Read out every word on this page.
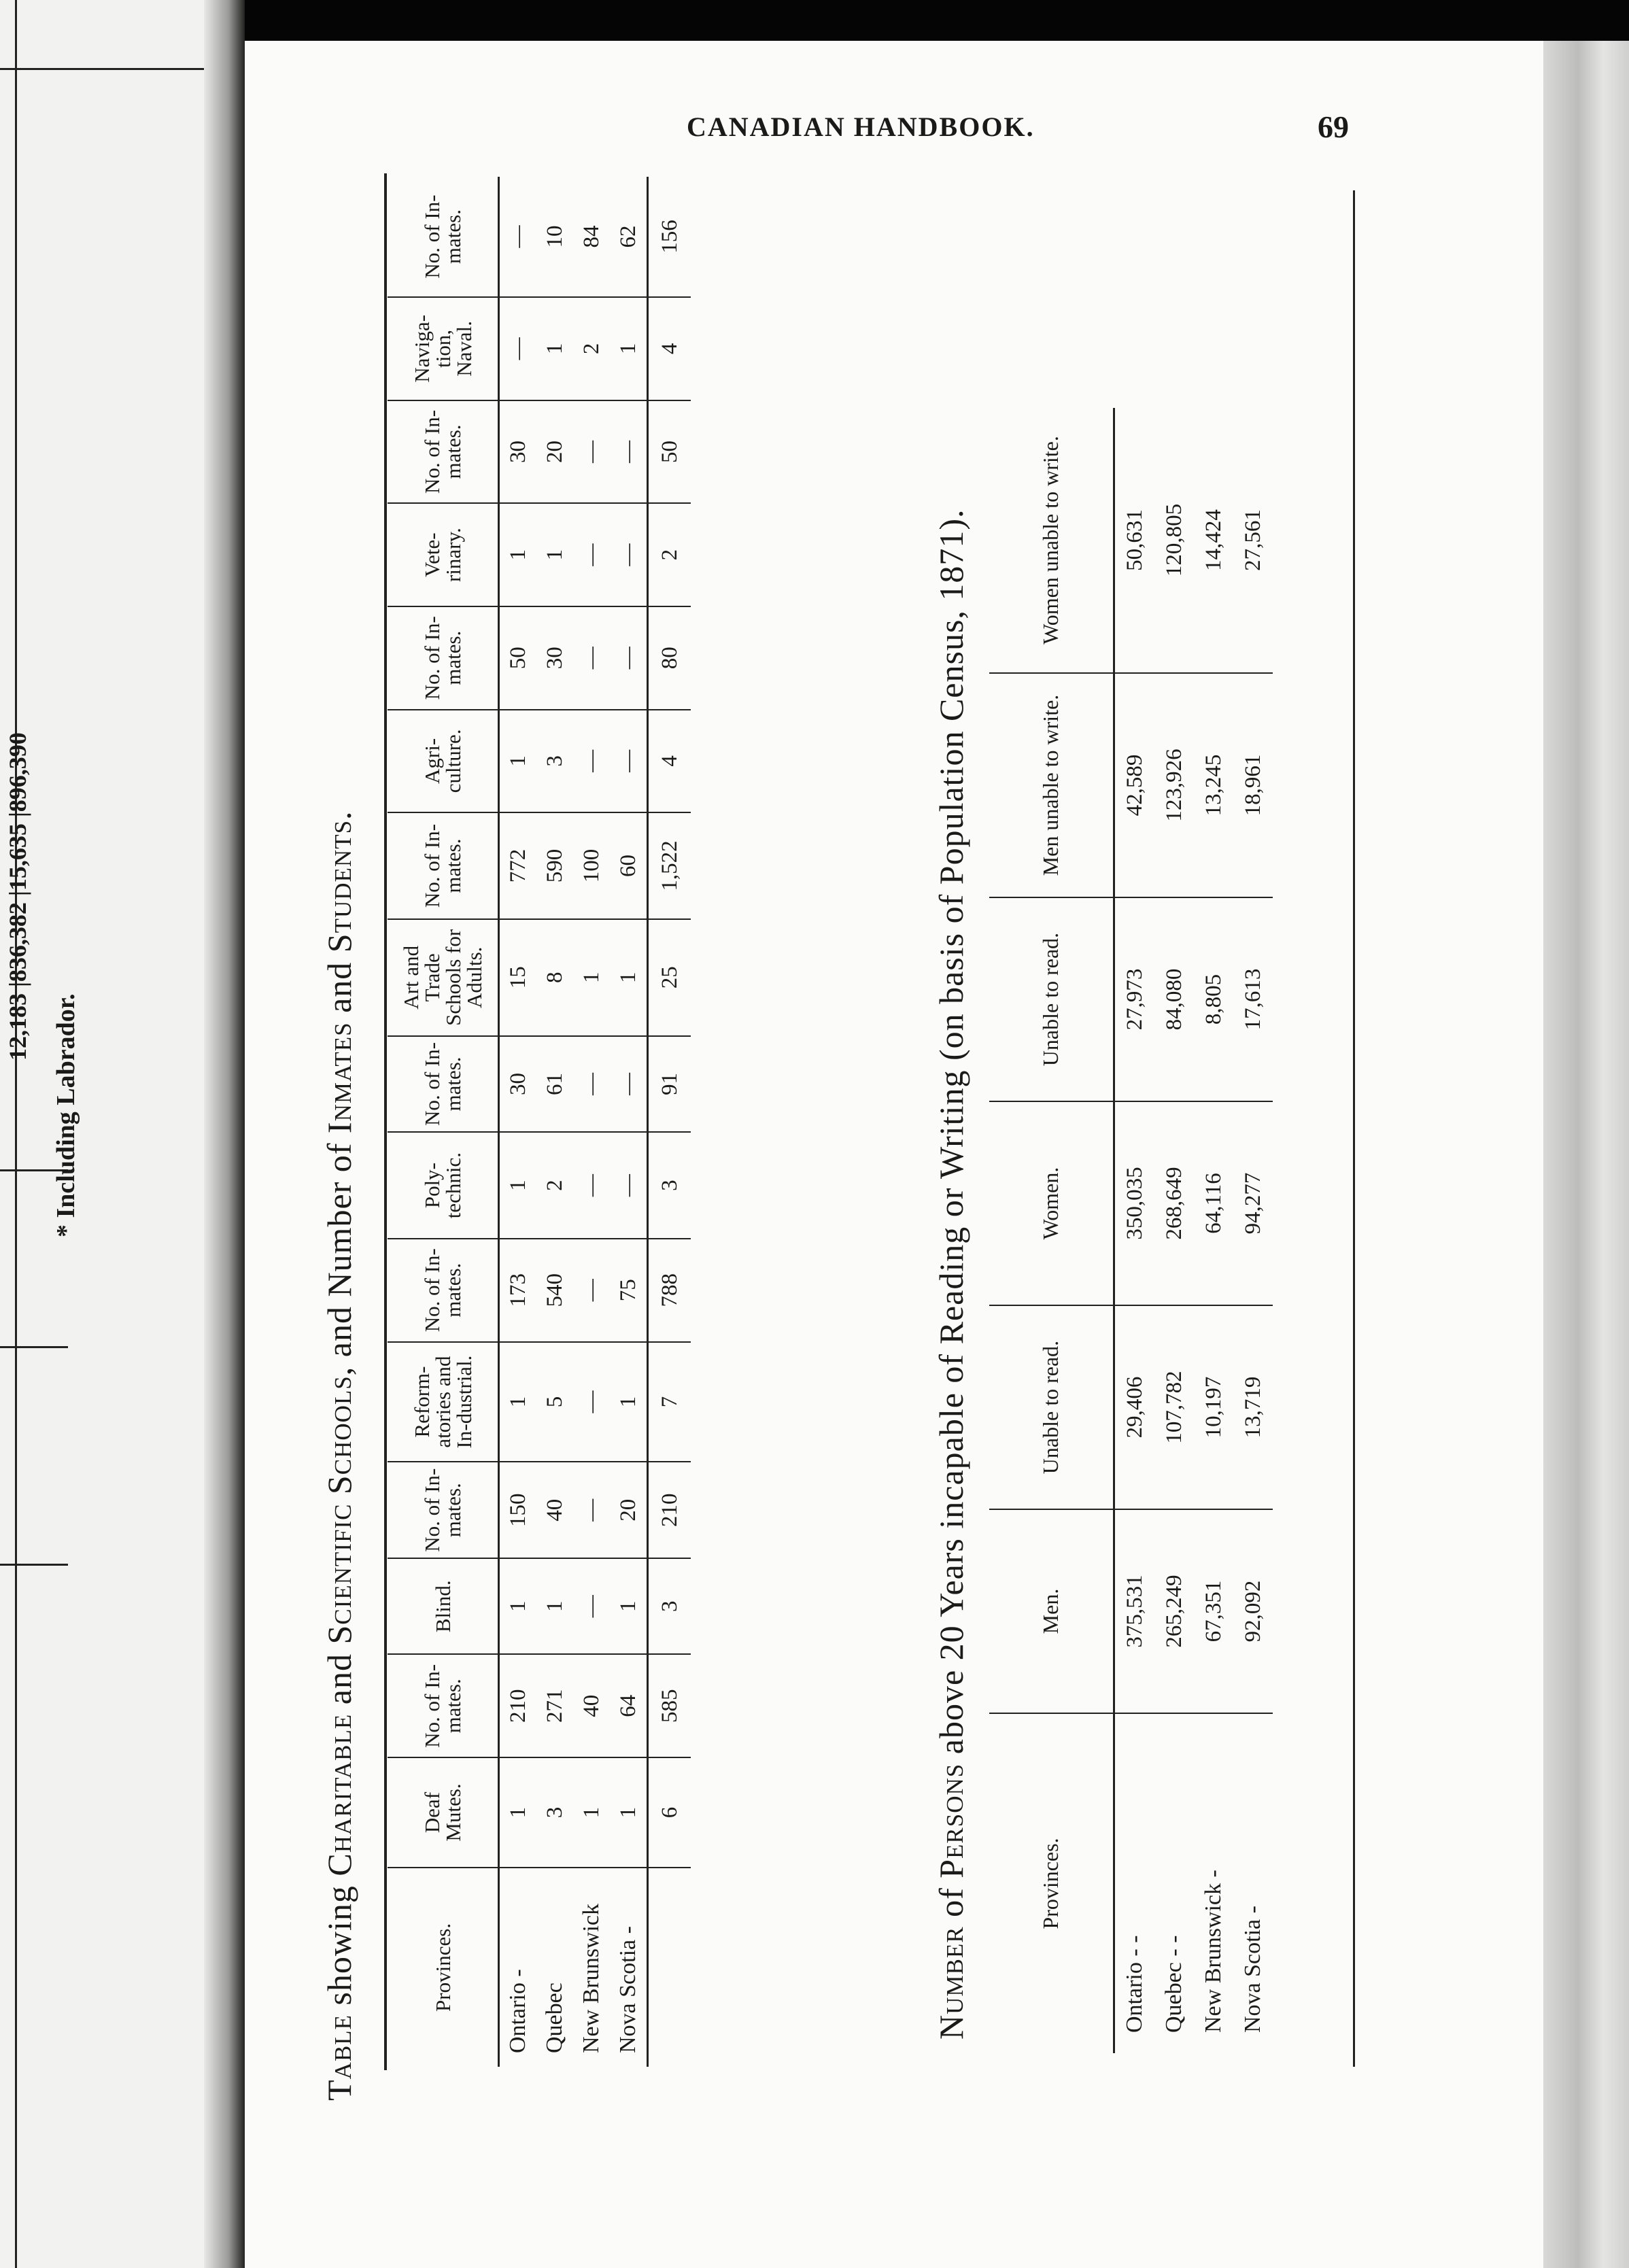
12,183 |836,382 |15,635 |896,390
* Including Labrador.
CANADIAN HANDBOOK.	69
Table showing Charitable and Scientific Schools, and Number of Inmates and Students.
Provinces.	Deaf Mutes.	No. of In-mates.	Blind.	No. of In-mates.	Reform-atories and In-dustrial.	No. of In-mates.	Poly-technic.	No. of In-mates.	Art and Trade Schools for Adults.	No. of In-mates.	Agri-culture.	No. of In-mates.	Vete-rinary.	No. of In-mates.	Naviga-tion, Naval.	No. of In-mates.
Ontario -	1	210	1	150	1	173	1	30	15	772	1	50	1	30	—	—
Quebec	3	271	1	40	5	540	2	61	8	590	3	30	1	20	1	10
New Brunswick	1	40	—	—	—	—	—	—	1	100	—	—	—	—	2	84
Nova Scotia -	1	64	1	20	1	75	—	—	1	60	—	—	—	—	1	62
	6	585	3	210	7	788	3	91	25	1,522	4	80	2	50	4	156
Number of Persons above 20 Years incapable of Reading or Writing (on basis of Population Census, 1871).
Provinces.	Men.	Unable to read.	Women.	Unable to read.	Men unable to write.	Women unable to write.
Ontario - -	375,531	29,406	350,035	27,973	42,589	50,631
Quebec - -	265,249	107,782	268,649	84,080	123,926	120,805
New Brunswick -	67,351	10,197	64,116	8,805	13,245	14,424
Nova Scotia -	92,092	13,719	94,277	17,613	18,961	27,561
